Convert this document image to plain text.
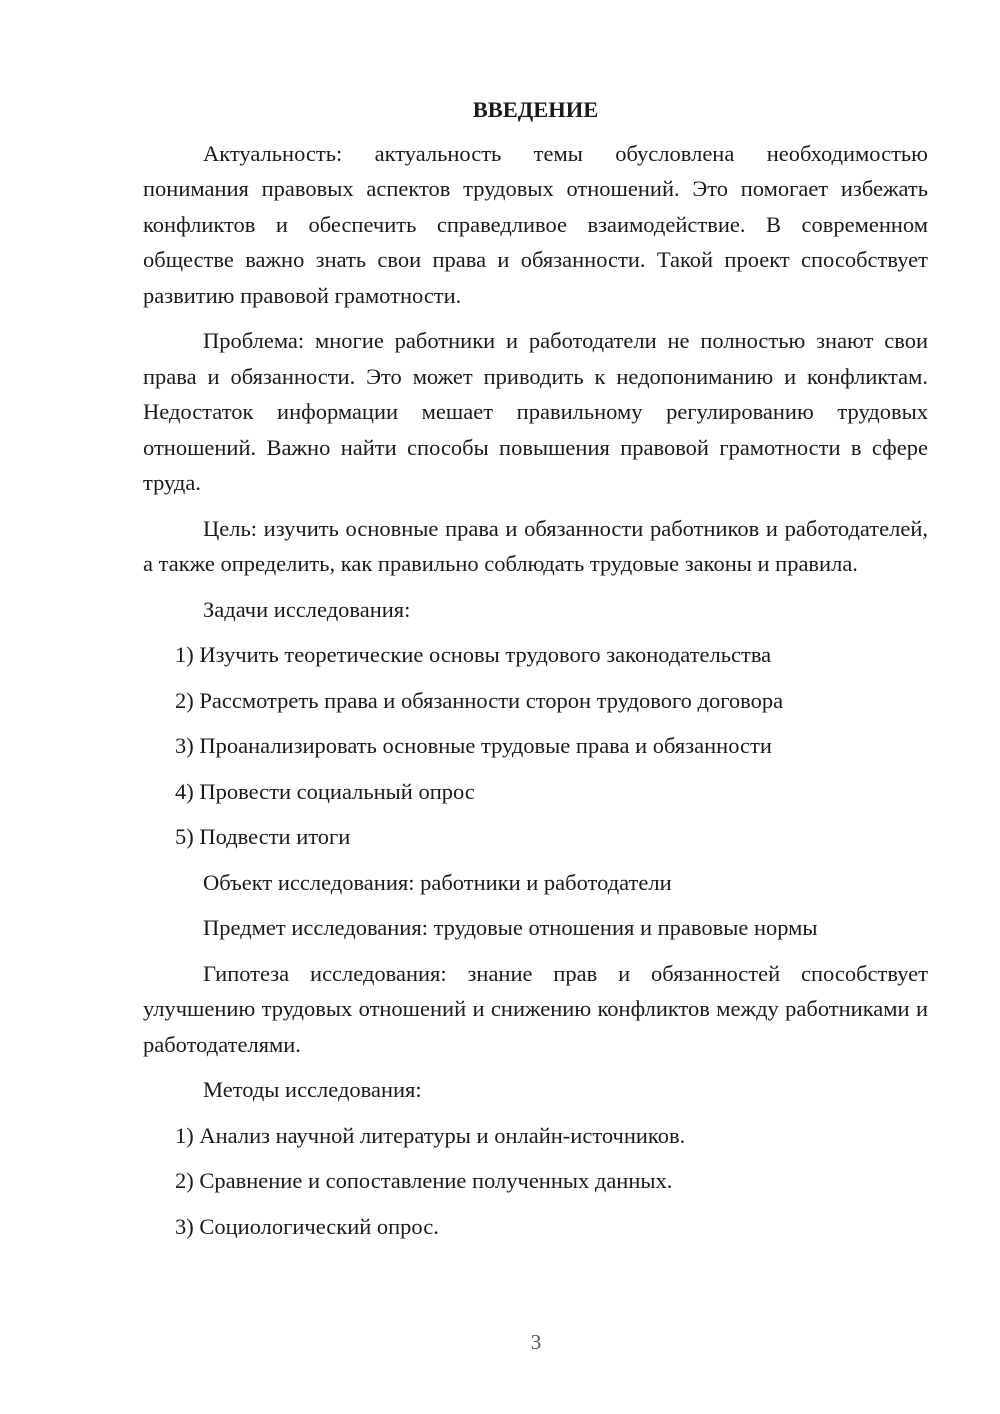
ВВЕДЕНИЕ

Актуальность: актуальность темы обусловлена необходимостью понимания правовых аспектов трудовых отношений. Это помогает избежать конфликтов и обеспечить справедливое взаимодействие. В современном обществе важно знать свои права и обязанности. Такой проект способствует развитию правовой грамотности.

Проблема: многие работники и работодатели не полностью знают свои права и обязанности. Это может приводить к недопониманию и конфликтам. Недостаток информации мешает правильному регулированию трудовых отношений. Важно найти способы повышения правовой грамотности в сфере труда.

Цель: изучить основные права и обязанности работников и работодателей, а также определить, как правильно соблюдать трудовые законы и правила.

Задачи исследования:

1) Изучить теоретические основы трудового законодательства
2) Рассмотреть права и обязанности сторон трудового договора
3) Проанализировать основные трудовые права и обязанности
4) Провести социальный опрос
5) Подвести итоги

Объект исследования: работники и работодатели

Предмет исследования: трудовые отношения и правовые нормы

Гипотеза исследования: знание прав и обязанностей способствует улучшению трудовых отношений и снижению конфликтов между работниками и работодателями.

Методы исследования:

1) Анализ научной литературы и онлайн-источников.
2) Сравнение и сопоставление полученных данных.
3) Социологический опрос.
3
